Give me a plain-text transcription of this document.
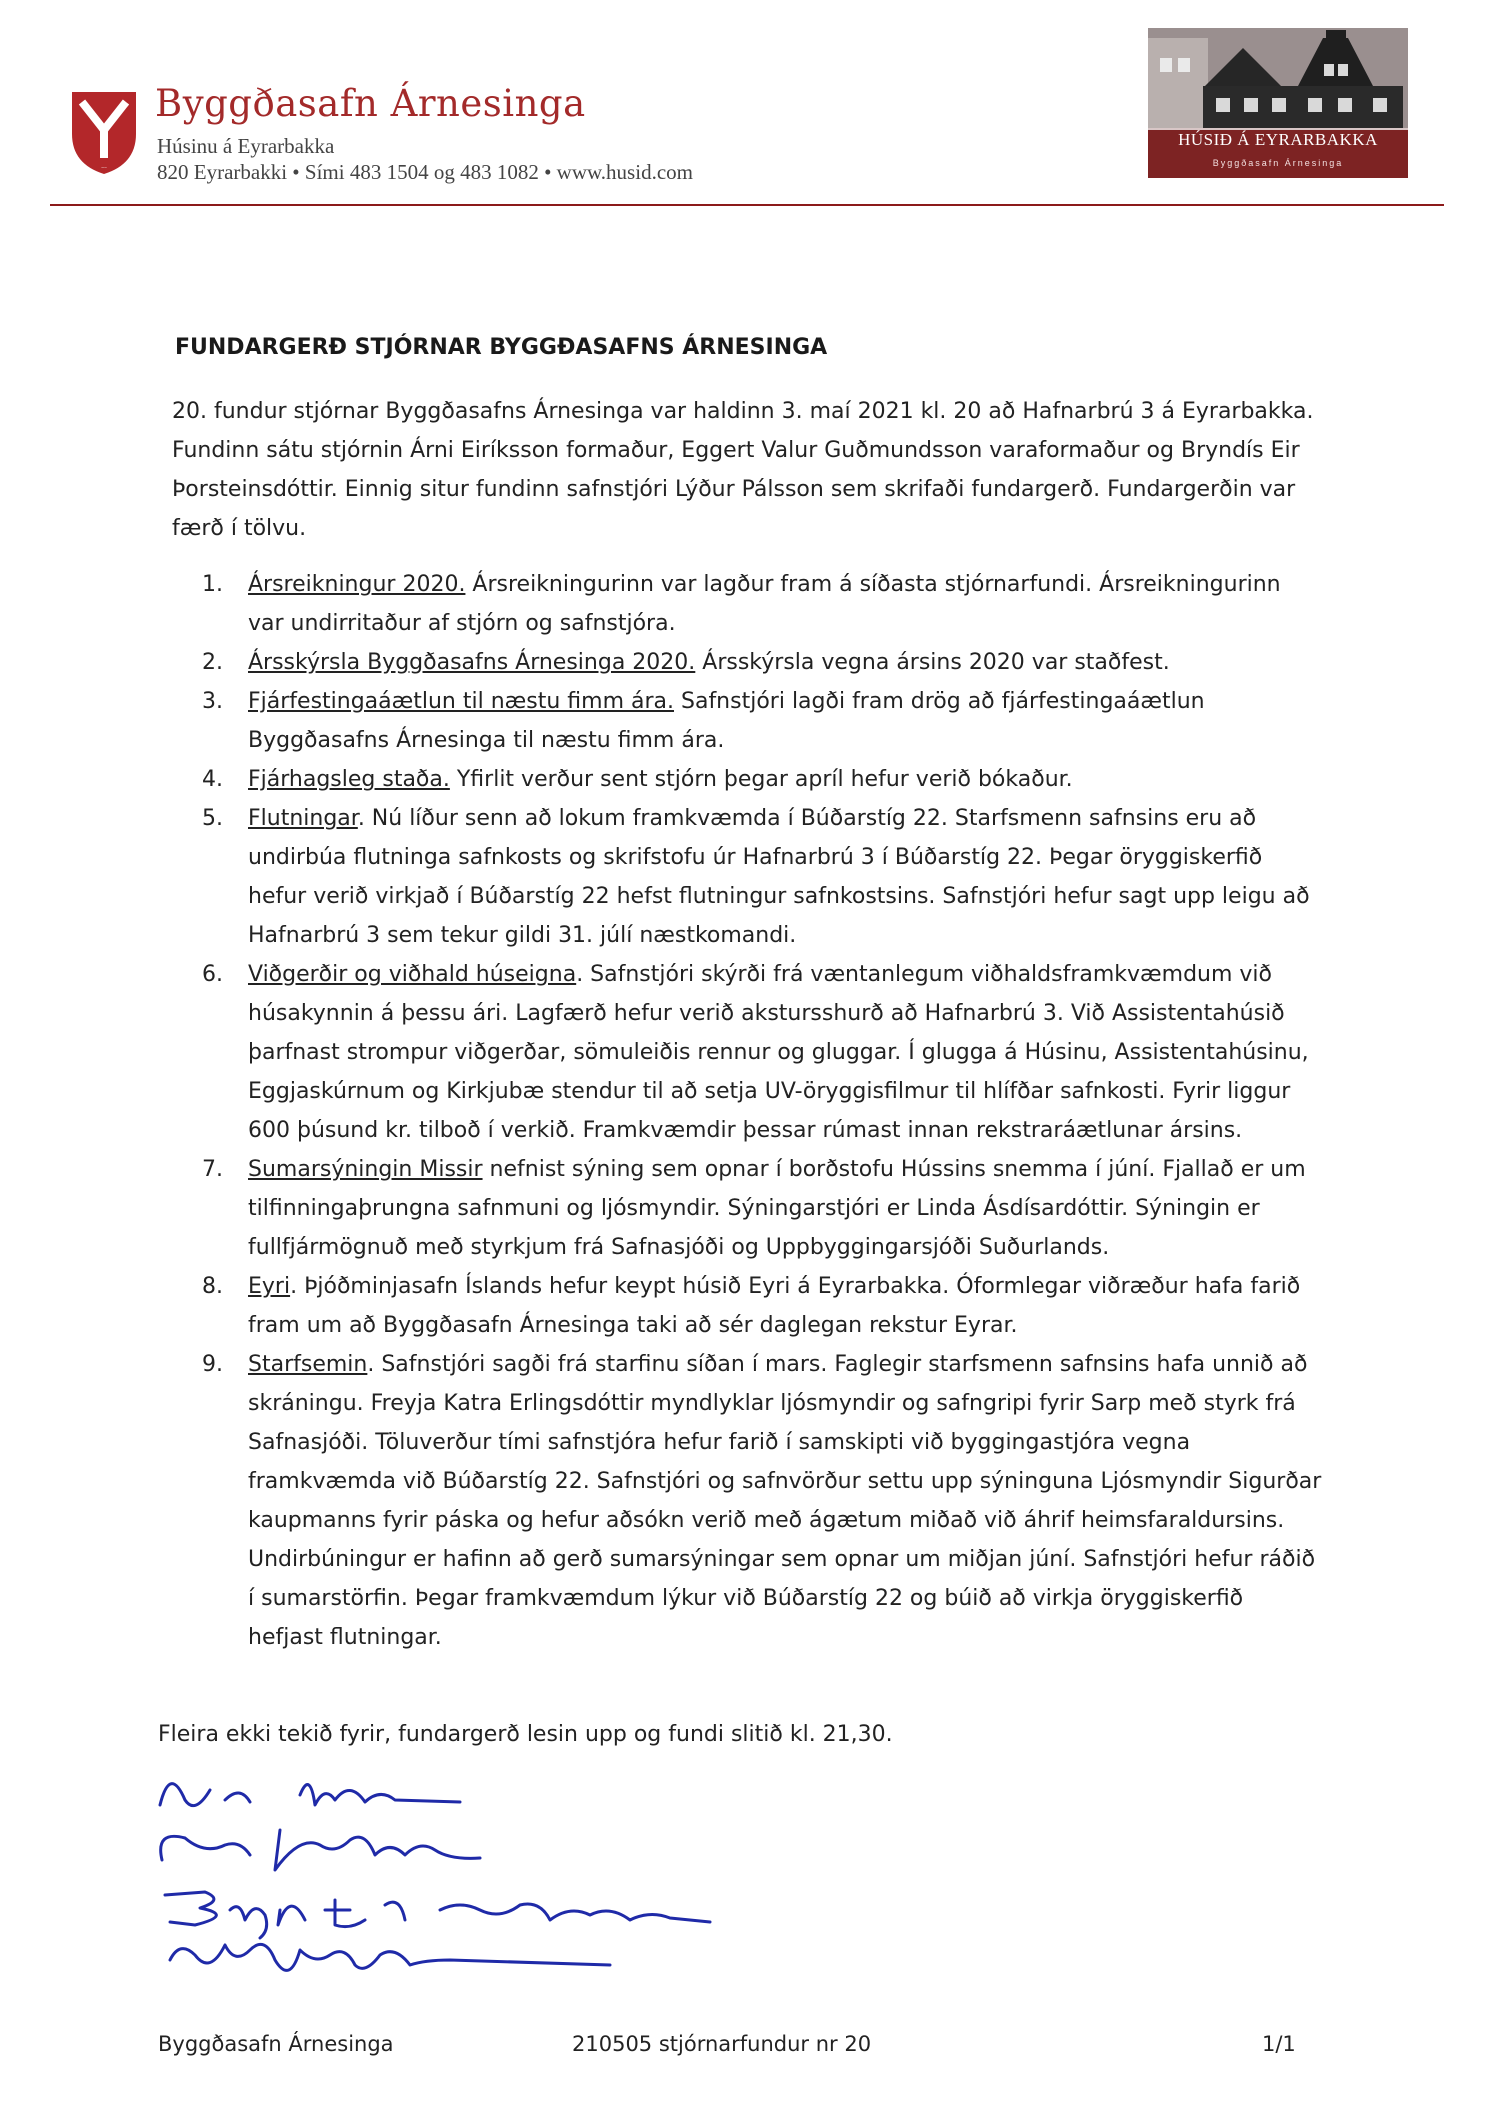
...
Byggðasafn Árnesinga
Húsinu á Eyrarbakka
820 Eyrarbakki • Sími 483 1504 og 483 1082 • www.husid.com
HÚSIÐ Á EYRARBAKKA
Byggðasafn Árnesinga
FUNDARGERÐ STJÓRNAR BYGGÐASAFNS ÁRNESINGA
20. fundur stjórnar Byggðasafns Árnesinga var haldinn 3. maí 2021 kl. 20 að Hafnarbrú 3 á Eyrarbakka. Fundinn sátu stjórnin Árni Eiríksson formaður, Eggert Valur Guðmundsson varaformaður og Bryndís Eir Þorsteinsdóttir. Einnig situr fundinn safnstjóri Lýður Pálsson sem skrifaði fundargerð. Fundargerðin var færð í tölvu.
1. Ársreikningur 2020. Ársreikningurinn var lagður fram á síðasta stjórnarfundi. Ársreikningurinn var undirritaður af stjórn og safnstjóra.
2. Ársskýrsla Byggðasafns Árnesinga 2020. Ársskýrsla vegna ársins 2020 var staðfest.
3. Fjárfestingaáætlun til næstu fimm ára. Safnstjóri lagði fram drög að fjárfestingaáætlun Byggðasafns Árnesinga til næstu fimm ára.
4. Fjárhagsleg staða. Yfirlit verður sent stjórn þegar apríl hefur verið bókaður.
5. Flutningar. Nú líður senn að lokum framkvæmda í Búðarstíg 22. Starfsmenn safnsins eru að undirbúa flutninga safnkosts og skrifstofu úr Hafnarbrú 3 í Búðarstíg 22. Þegar öryggiskerfið hefur verið virkjað í Búðarstíg 22 hefst flutningur safnkostsins. Safnstjóri hefur sagt upp leigu að Hafnarbrú 3 sem tekur gildi 31. júlí næstkomandi.
6. Viðgerðir og viðhald húseigna. Safnstjóri skýrði frá væntanlegum viðhaldsframkvæmdum við húsakynnin á þessu ári. Lagfærð hefur verið akstursshurð að Hafnarbrú 3. Við Assistentahúsið þarfnast strompur viðgerðar, sömuleiðis rennur og gluggar. Í glugga á Húsinu, Assistentahúsinu, Eggjaskúrnum og Kirkjubæ stendur til að setja UV-öryggisfilmur til hlífðar safnkosti. Fyrir liggur 600 þúsund kr. tilboð í verkið. Framkvæmdir þessar rúmast innan rekstraráætlunar ársins.
7. Sumarsýningin Missir nefnist sýning sem opnar í borðstofu Hússins snemma í júní. Fjallað er um tilfinningaþrungna safnmuni og ljósmyndir. Sýningarstjóri er Linda Ásdísardóttir. Sýningin er fullfjármögnuð með styrkjum frá Safnasjóði og Uppbyggingarsjóði Suðurlands.
8. Eyri. Þjóðminjasafn Íslands hefur keypt húsið Eyri á Eyrarbakka. Óformlegar viðræður hafa farið fram um að Byggðasafn Árnesinga taki að sér daglegan rekstur Eyrar.
9. Starfsemin. Safnstjóri sagði frá starfinu síðan í mars. Faglegir starfsmenn safnsins hafa unnið að skráningu. Freyja Katra Erlingsdóttir myndlyklar ljósmyndir og safngripi fyrir Sarp með styrk frá Safnasjóði. Töluverður tími safnstjóra hefur farið í samskipti við byggingastjóra vegna framkvæmda við Búðarstíg 22. Safnstjóri og safnvörður settu upp sýninguna Ljósmyndir Sigurðar kaupmanns fyrir páska og hefur aðsókn verið með ágætum miðað við áhrif heimsfaraldursins. Undirbúningur er hafinn að gerð sumarsýningar sem opnar um miðjan júní. Safnstjóri hefur ráðið í sumarstörfin. Þegar framkvæmdum lýkur við Búðarstíg 22 og búið að virkja öryggiskerfið hefjast flutningar.
Fleira ekki tekið fyrir, fundargerð lesin upp og fundi slitið kl. 21,30.
Byggðasafn Árnesinga	210505 stjórnarfundur nr 20	1/1
